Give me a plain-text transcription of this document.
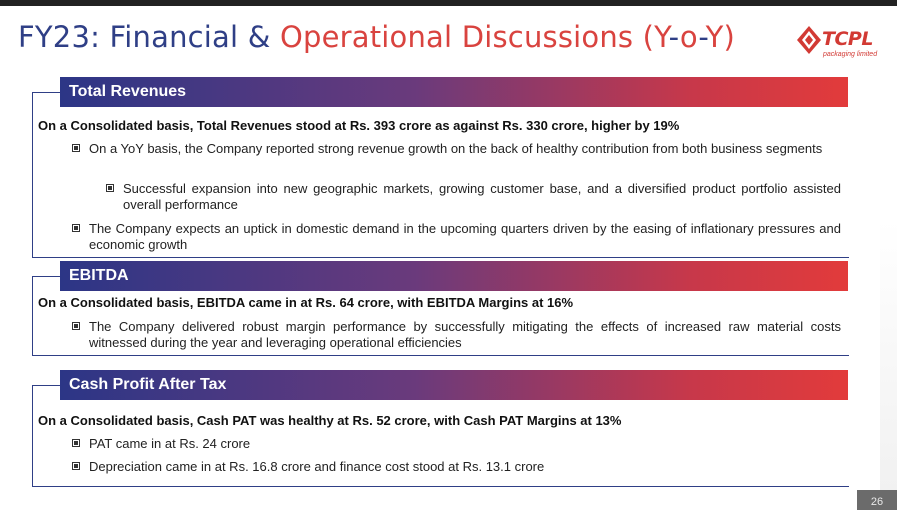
FY23: Financial & Operational Discussions (Y-o-Y)	TCPL
packaging limited
Total Revenues
On a Consolidated basis, Total Revenues stood at Rs. 393 crore as against Rs. 330 crore, higher by 19%
On a YoY basis, the Company reported strong revenue growth on the back of healthy contribution from both business segments
Successful expansion into new geographic markets, growing customer base, and a diversified product portfolio assisted overall performance
The Company expects an uptick in domestic demand in the upcoming quarters driven by the easing of inflationary pressures and economic growth
EBITDA
On a Consolidated basis, EBITDA came in at Rs. 64 crore, with EBITDA Margins at 16%
The Company delivered robust margin performance by successfully mitigating the effects of increased raw material costs witnessed during the year and leveraging operational efficiencies
Cash Profit After Tax
On a Consolidated basis, Cash PAT was healthy at Rs. 52 crore, with Cash PAT Margins at 13%
PAT came in at Rs. 24 crore
Depreciation came in at Rs. 16.8 crore and finance cost stood at Rs. 13.1 crore
26
